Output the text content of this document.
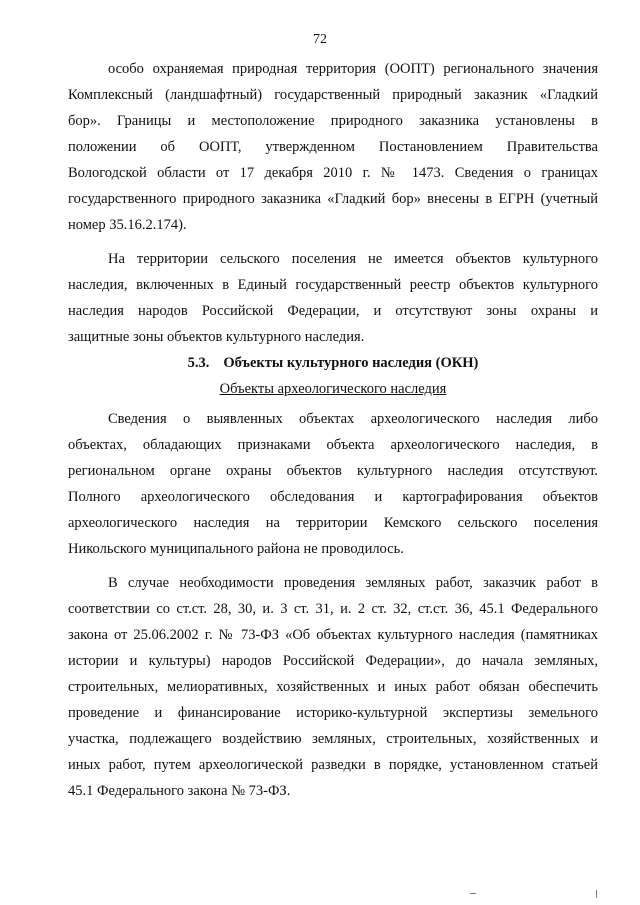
72
особо охраняемая природная территория (ООПТ) регионального значения
Комплексный (ландшафтный) государственный природный заказник «Гладкий
бор». Границы и местоположение природного заказника установлены в
положении об ООПТ, утвержденном Постановлением Правительства
Вологодской области от 17 декабря 2010 г. № 1473. Сведения о границах
государственного природного заказника «Гладкий бор» внесены в ЕГРН (учетный
номер 35.16.2.174).
На территории сельского поселения не имеется объектов культурного
наследия, включенных в Единый государственный реестр объектов культурного
наследия народов Российской Федерации, и отсутствуют зоны охраны и
защитные зоны объектов культурного наследия.
5.3. Объекты культурного наследия (ОКН)
Объекты археологического наследия
Сведения о выявленных объектах археологического наследия либо
объектах, обладающих признаками объекта археологического наследия, в
региональном органе охраны объектов культурного наследия отсутствуют.
Полного археологического обследования и картографирования объектов
археологического наследия на территории Кемского сельского поселения
Никольского муниципального района не проводилось.
В случае необходимости проведения земляных работ, заказчик работ в
соответствии со ст.ст. 28, 30, и. 3 ст. 31, и. 2 ст. 32, ст.ст. 36, 45.1 Федерального
закона от 25.06.2002 г. № 73-ФЗ «Об объектах культурного наследия (памятниках
истории и культуры) народов Российской Федерации», до начала земляных,
строительных, мелиоративных, хозяйственных и иных работ обязан обеспечить
проведение и финансирование историко-культурной экспертизы земельного
участка, подлежащего воздействию земляных, строительных, хозяйственных и
иных работ, путем археологической разведки в порядке, установленном статьей
45.1 Федерального закона № 73-ФЗ.
